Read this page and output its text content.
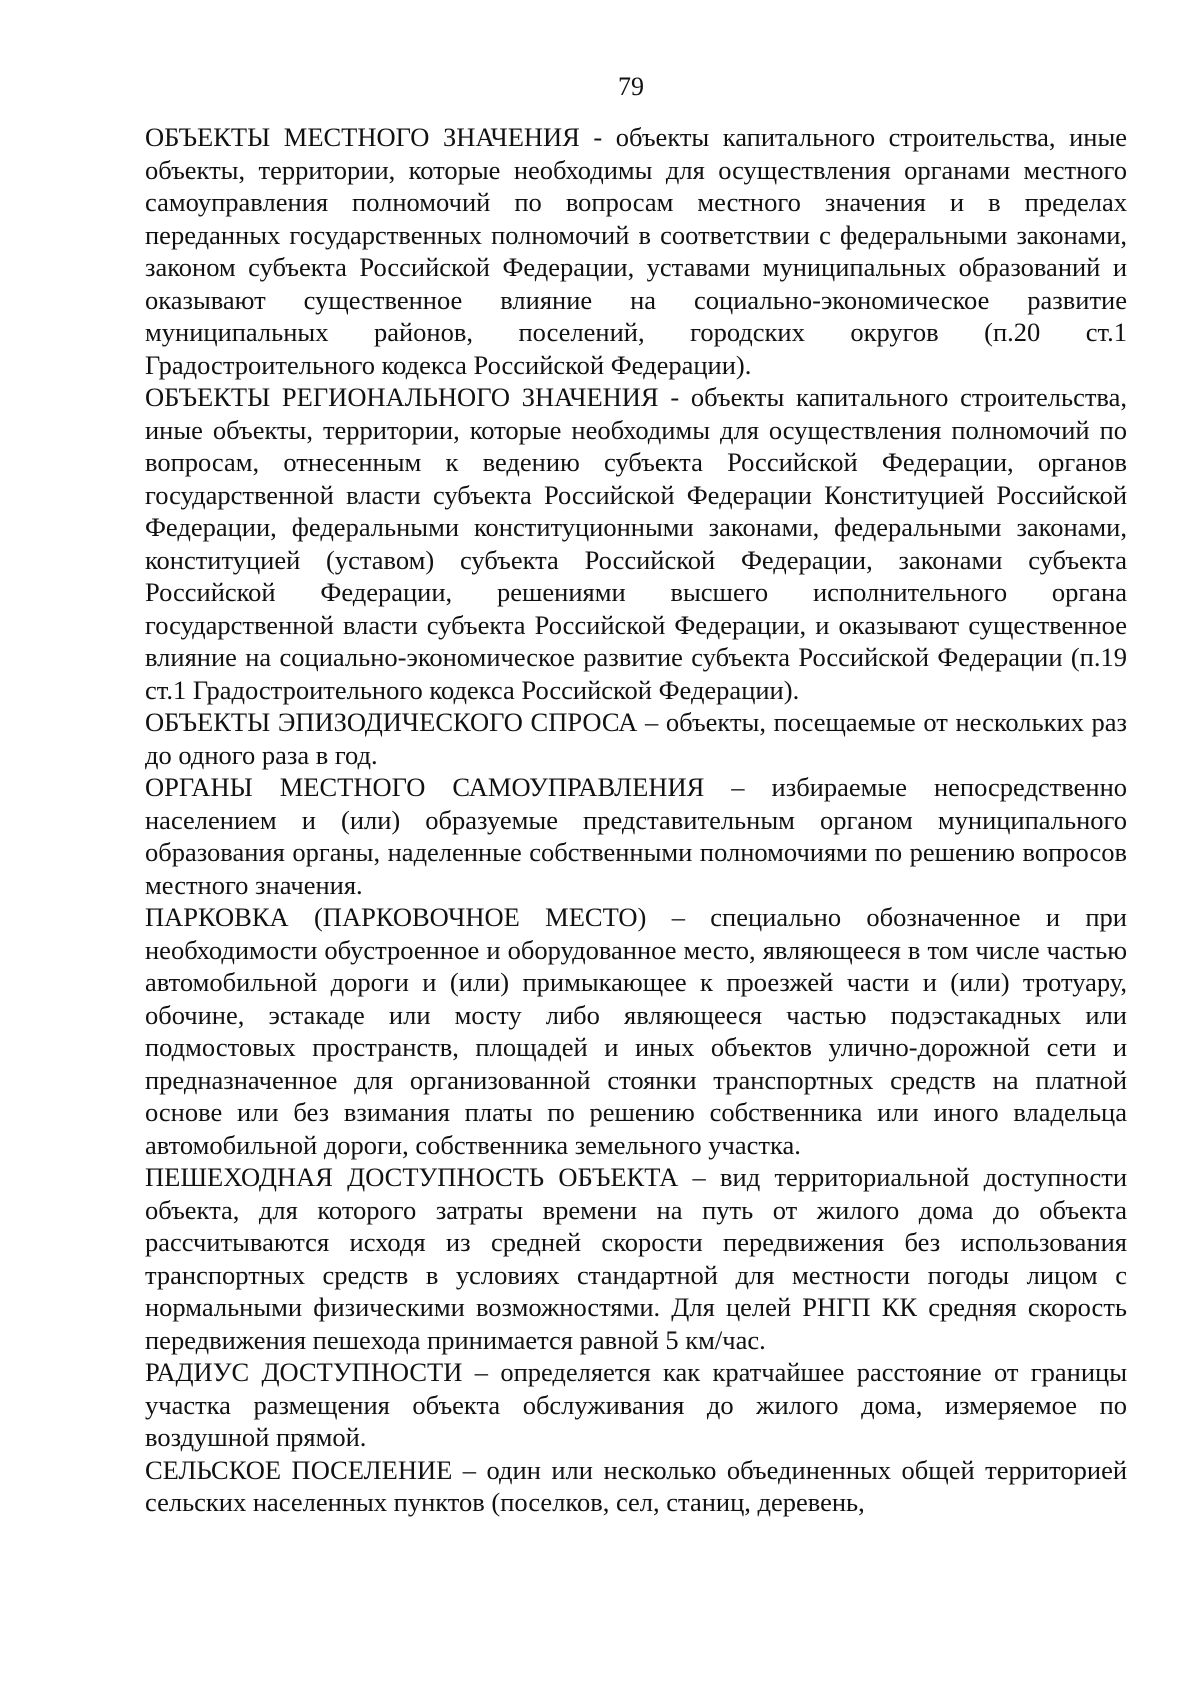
79

ОБЪЕКТЫ МЕСТНОГО ЗНАЧЕНИЯ - объекты капитального строительства, иные объекты, территории, которые необходимы для осуществления органами местного самоуправления полномочий по вопросам местного значения и в пределах переданных государственных полномочий в соответствии с федеральными законами, законом субъекта Российской Федерации, уставами муниципальных образований и оказывают существенное влияние на социально-экономическое развитие муниципальных районов, поселений, городских округов (п.20 ст.1 Градостроительного кодекса Российской Федерации).

ОБЪЕКТЫ РЕГИОНАЛЬНОГО ЗНАЧЕНИЯ - объекты капитального строительства, иные объекты, территории, которые необходимы для осуществления полномочий по вопросам, отнесенным к ведению субъекта Российской Федерации, органов государственной власти субъекта Российской Федерации Конституцией Российской Федерации, федеральными конституционными законами, федеральными законами, конституцией (уставом) субъекта Российской Федерации, законами субъекта Российской Федерации, решениями высшего исполнительного органа государственной власти субъекта Российской Федерации, и оказывают существенное влияние на социально-экономическое развитие субъекта Российской Федерации (п.19 ст.1 Градостроительного кодекса Российской Федерации).

ОБЪЕКТЫ ЭПИЗОДИЧЕСКОГО СПРОСА – объекты, посещаемые от нескольких раз до одного раза в год.

ОРГАНЫ МЕСТНОГО САМОУПРАВЛЕНИЯ – избираемые непосредственно населением и (или) образуемые представительным органом муниципального образования органы, наделенные собственными полномочиями по решению вопросов местного значения.

ПАРКОВКА (ПАРКОВОЧНОЕ МЕСТО) – специально обозначенное и при необходимости обустроенное и оборудованное место, являющееся в том числе частью автомобильной дороги и (или) примыкающее к проезжей части и (или) тротуару, обочине, эстакаде или мосту либо являющееся частью подэстакадных или подмостовых пространств, площадей и иных объектов улично-дорожной сети и предназначенное для организованной стоянки транспортных средств на платной основе или без взимания платы по решению собственника или иного владельца автомобильной дороги, собственника земельного участка.

ПЕШЕХОДНАЯ ДОСТУПНОСТЬ ОБЪЕКТА – вид территориальной доступности объекта, для которого затраты времени на путь от жилого дома до объекта рассчитываются исходя из средней скорости передвижения без использования транспортных средств в условиях стандартной для местности погоды лицом с нормальными физическими возможностями. Для целей РНГП КК средняя скорость передвижения пешехода принимается равной 5 км/час.

РАДИУС ДОСТУПНОСТИ – определяется как кратчайшее расстояние от границы участка размещения объекта обслуживания до жилого дома, измеряемое по воздушной прямой.

СЕЛЬСКОЕ ПОСЕЛЕНИЕ – один или несколько объединенных общей территорией сельских населенных пунктов (поселков, сел, станиц, деревень,
